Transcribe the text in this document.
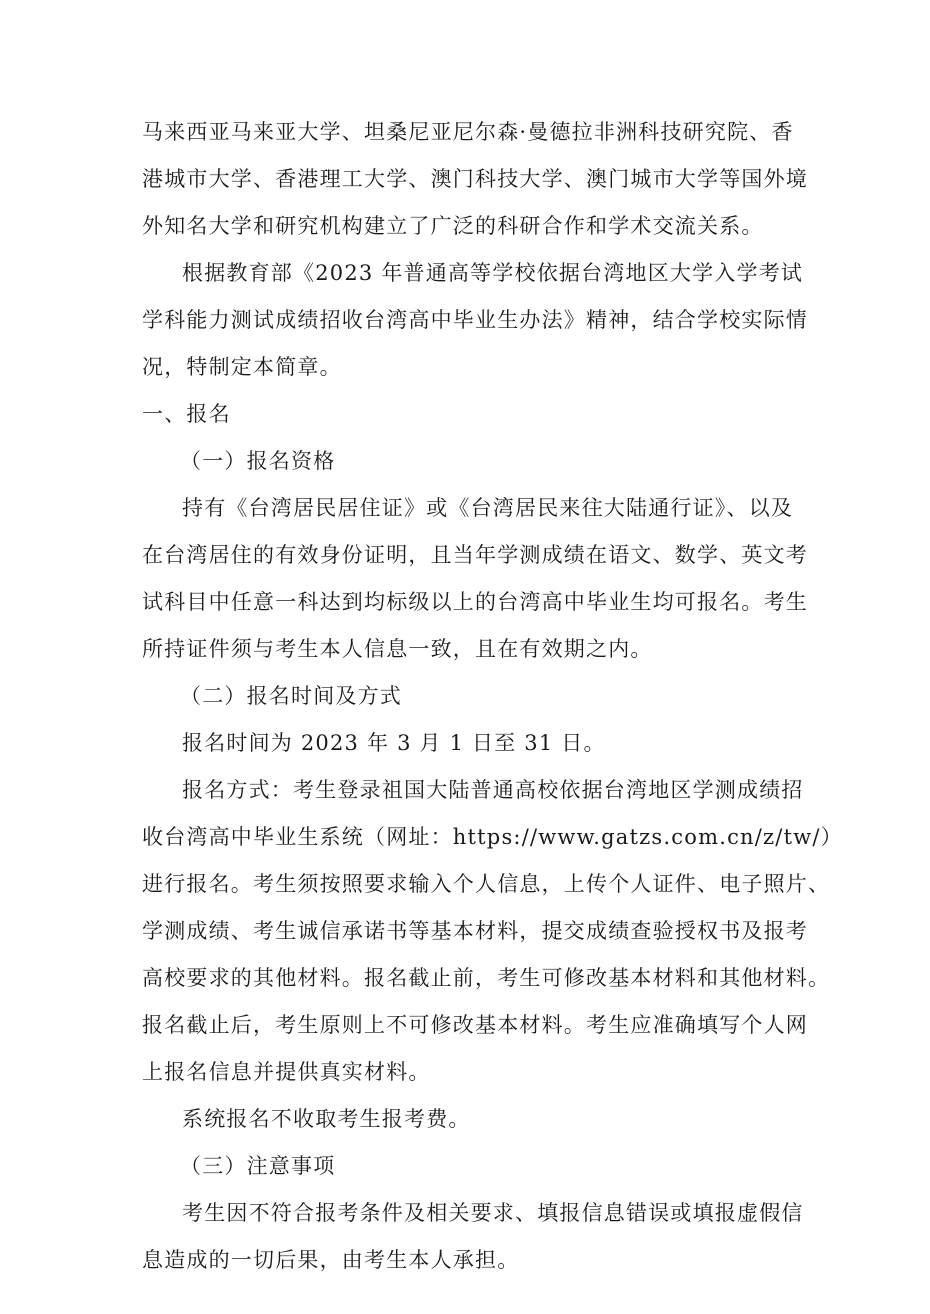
马来西亚马来亚大学、坦桑尼亚尼尔森·曼德拉非洲科技研究院、香
港城市大学、香港理工大学、澳门科技大学、澳门城市大学等国外境
外知名大学和研究机构建立了广泛的科研合作和学术交流关系。
根据教育部《2023 年普通高等学校依据台湾地区大学入学考试
学科能力测试成绩招收台湾高中毕业生办法》精神，结合学校实际情
况，特制定本简章。
一、报名
（一）报名资格
持有《台湾居民居住证》或《台湾居民来往大陆通行证》、以及
在台湾居住的有效身份证明，且当年学测成绩在语文、数学、英文考
试科目中任意一科达到均标级以上的台湾高中毕业生均可报名。考生
所持证件须与考生本人信息一致，且在有效期之内。
（二）报名时间及方式
报名时间为 2023 年 3 月 1 日至 31 日。
报名方式：考生登录祖国大陆普通高校依据台湾地区学测成绩招
收台湾高中毕业生系统（网址：https://www.gatzs.com.cn/z/tw/）
进行报名。考生须按照要求输入个人信息，上传个人证件、电子照片、
学测成绩、考生诚信承诺书等基本材料，提交成绩查验授权书及报考
高校要求的其他材料。报名截止前，考生可修改基本材料和其他材料。
报名截止后，考生原则上不可修改基本材料。考生应准确填写个人网
上报名信息并提供真实材料。
系统报名不收取考生报考费。
（三）注意事项
考生因不符合报考条件及相关要求、填报信息错误或填报虚假信
息造成的一切后果，由考生本人承担。
